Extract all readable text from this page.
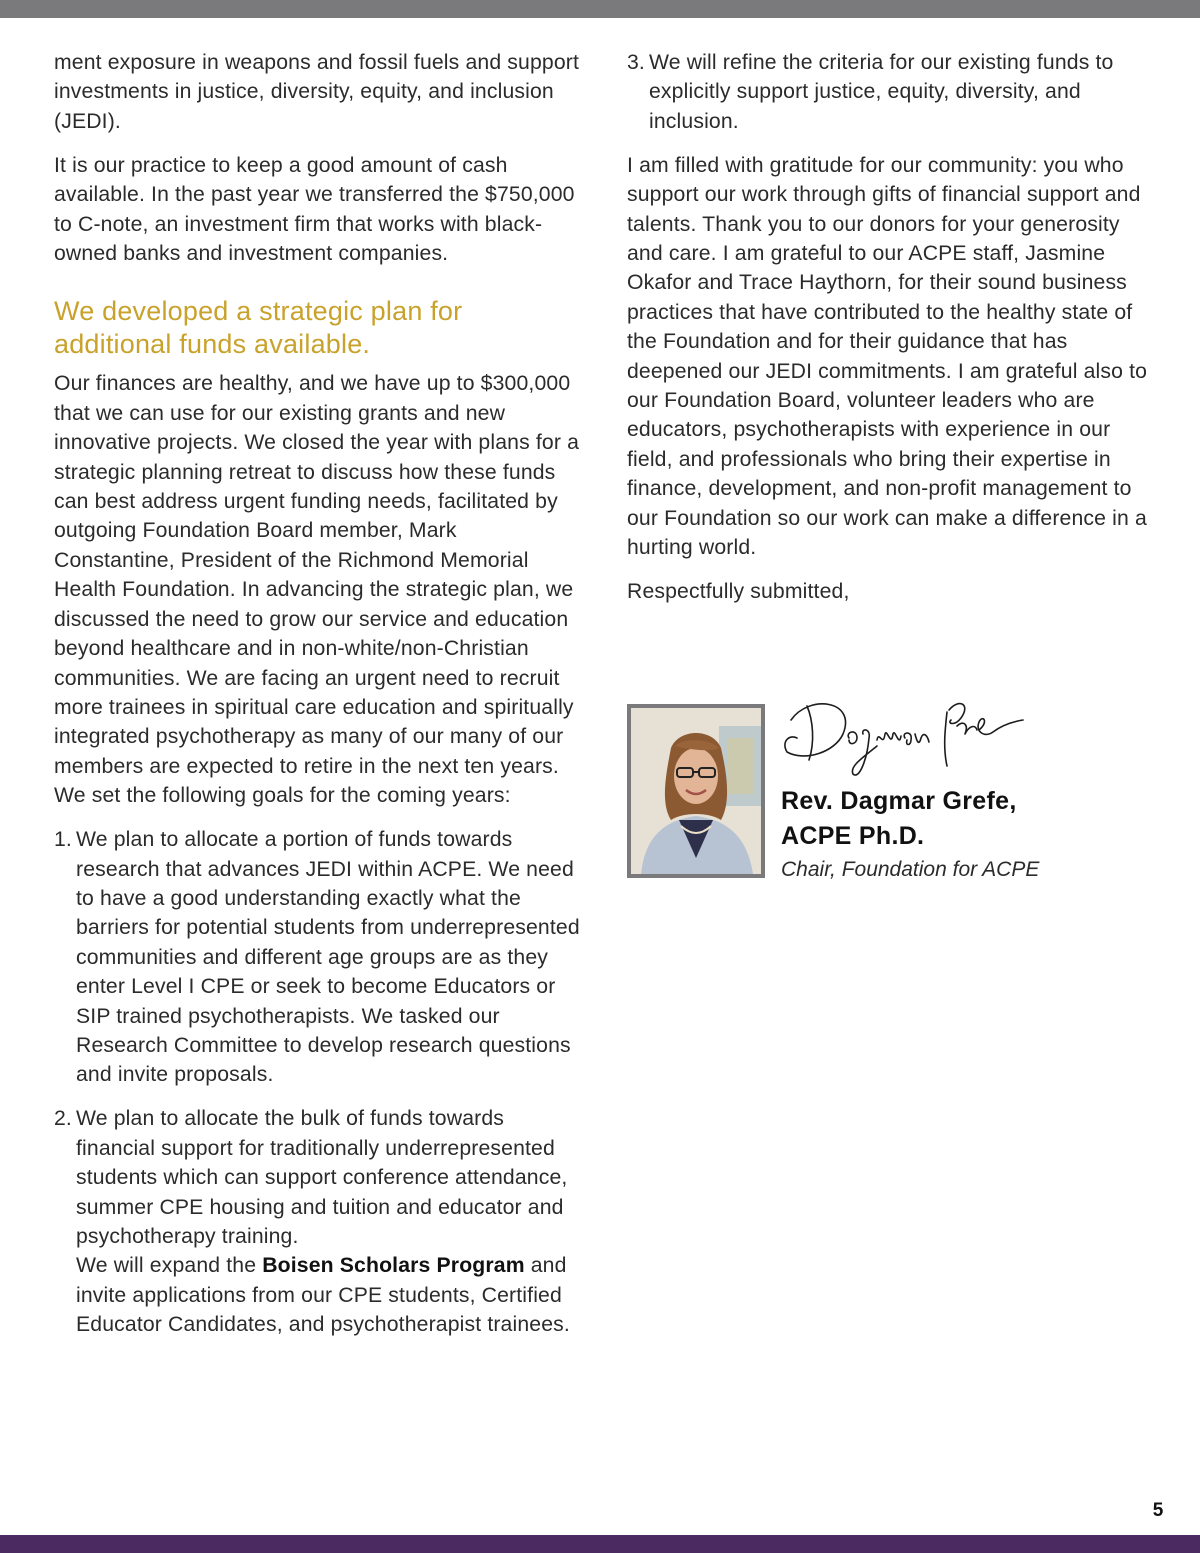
ment exposure in weapons and fossil fuels and support investments in justice, diversity, equity, and inclusion (JEDI).

It is our practice to keep a good amount of cash available. In the past year we transferred the $750,000 to C-note, an investment firm that works with black-owned banks and investment companies.

We developed a strategic plan for additional funds available.

Our finances are healthy, and we have up to $300,000 that we can use for our existing grants and new innovative projects. We closed the year with plans for a strategic planning retreat to discuss how these funds can best address urgent funding needs, facilitated by outgoing Foundation Board member, Mark Constantine, President of the Richmond Memorial Health Foundation. In advancing the strategic plan, we discussed the need to grow our service and education beyond healthcare and in non-white/non-Christian communities. We are facing an urgent need to recruit more trainees in spiritual care education and spiritually integrated psychotherapy as many of our many of our members are expected to retire in the next ten years. We set the following goals for the coming years:

1. We plan to allocate a portion of funds towards research that advances JEDI within ACPE. We need to have a good understanding exactly what the barriers for potential students from underrepresented communities and different age groups are as they enter Level I CPE or seek to become Educators or SIP trained psychotherapists. We tasked our Research Committee to develop research questions and invite proposals.
2. We plan to allocate the bulk of funds towards financial support for traditionally underrepresented students which can support conference attendance, summer CPE housing and tuition and educator and psychotherapy training.
We will expand the Boisen Scholars Program and invite applications from our CPE students, Certified Educator Candidates, and psychotherapist trainees.
3. We will refine the criteria for our existing funds to explicitly support justice, equity, diversity, and inclusion.

I am filled with gratitude for our community: you who support our work through gifts of financial support and talents. Thank you to our donors for your generosity and care. I am grateful to our ACPE staff, Jasmine Okafor and Trace Haythorn, for their sound business practices that have contributed to the healthy state of the Foundation and for their guidance that has deepened our JEDI commitments. I am grateful also to our Foundation Board, volunteer leaders who are educators, psychotherapists with experience in our field, and professionals who bring their expertise in finance, development, and non-profit management to our Foundation so our work can make a difference in a hurting world.

Respectfully submitted,

Rev. Dagmar Grefe,
ACPE Ph.D.
Chair, Foundation for ACPE
5
